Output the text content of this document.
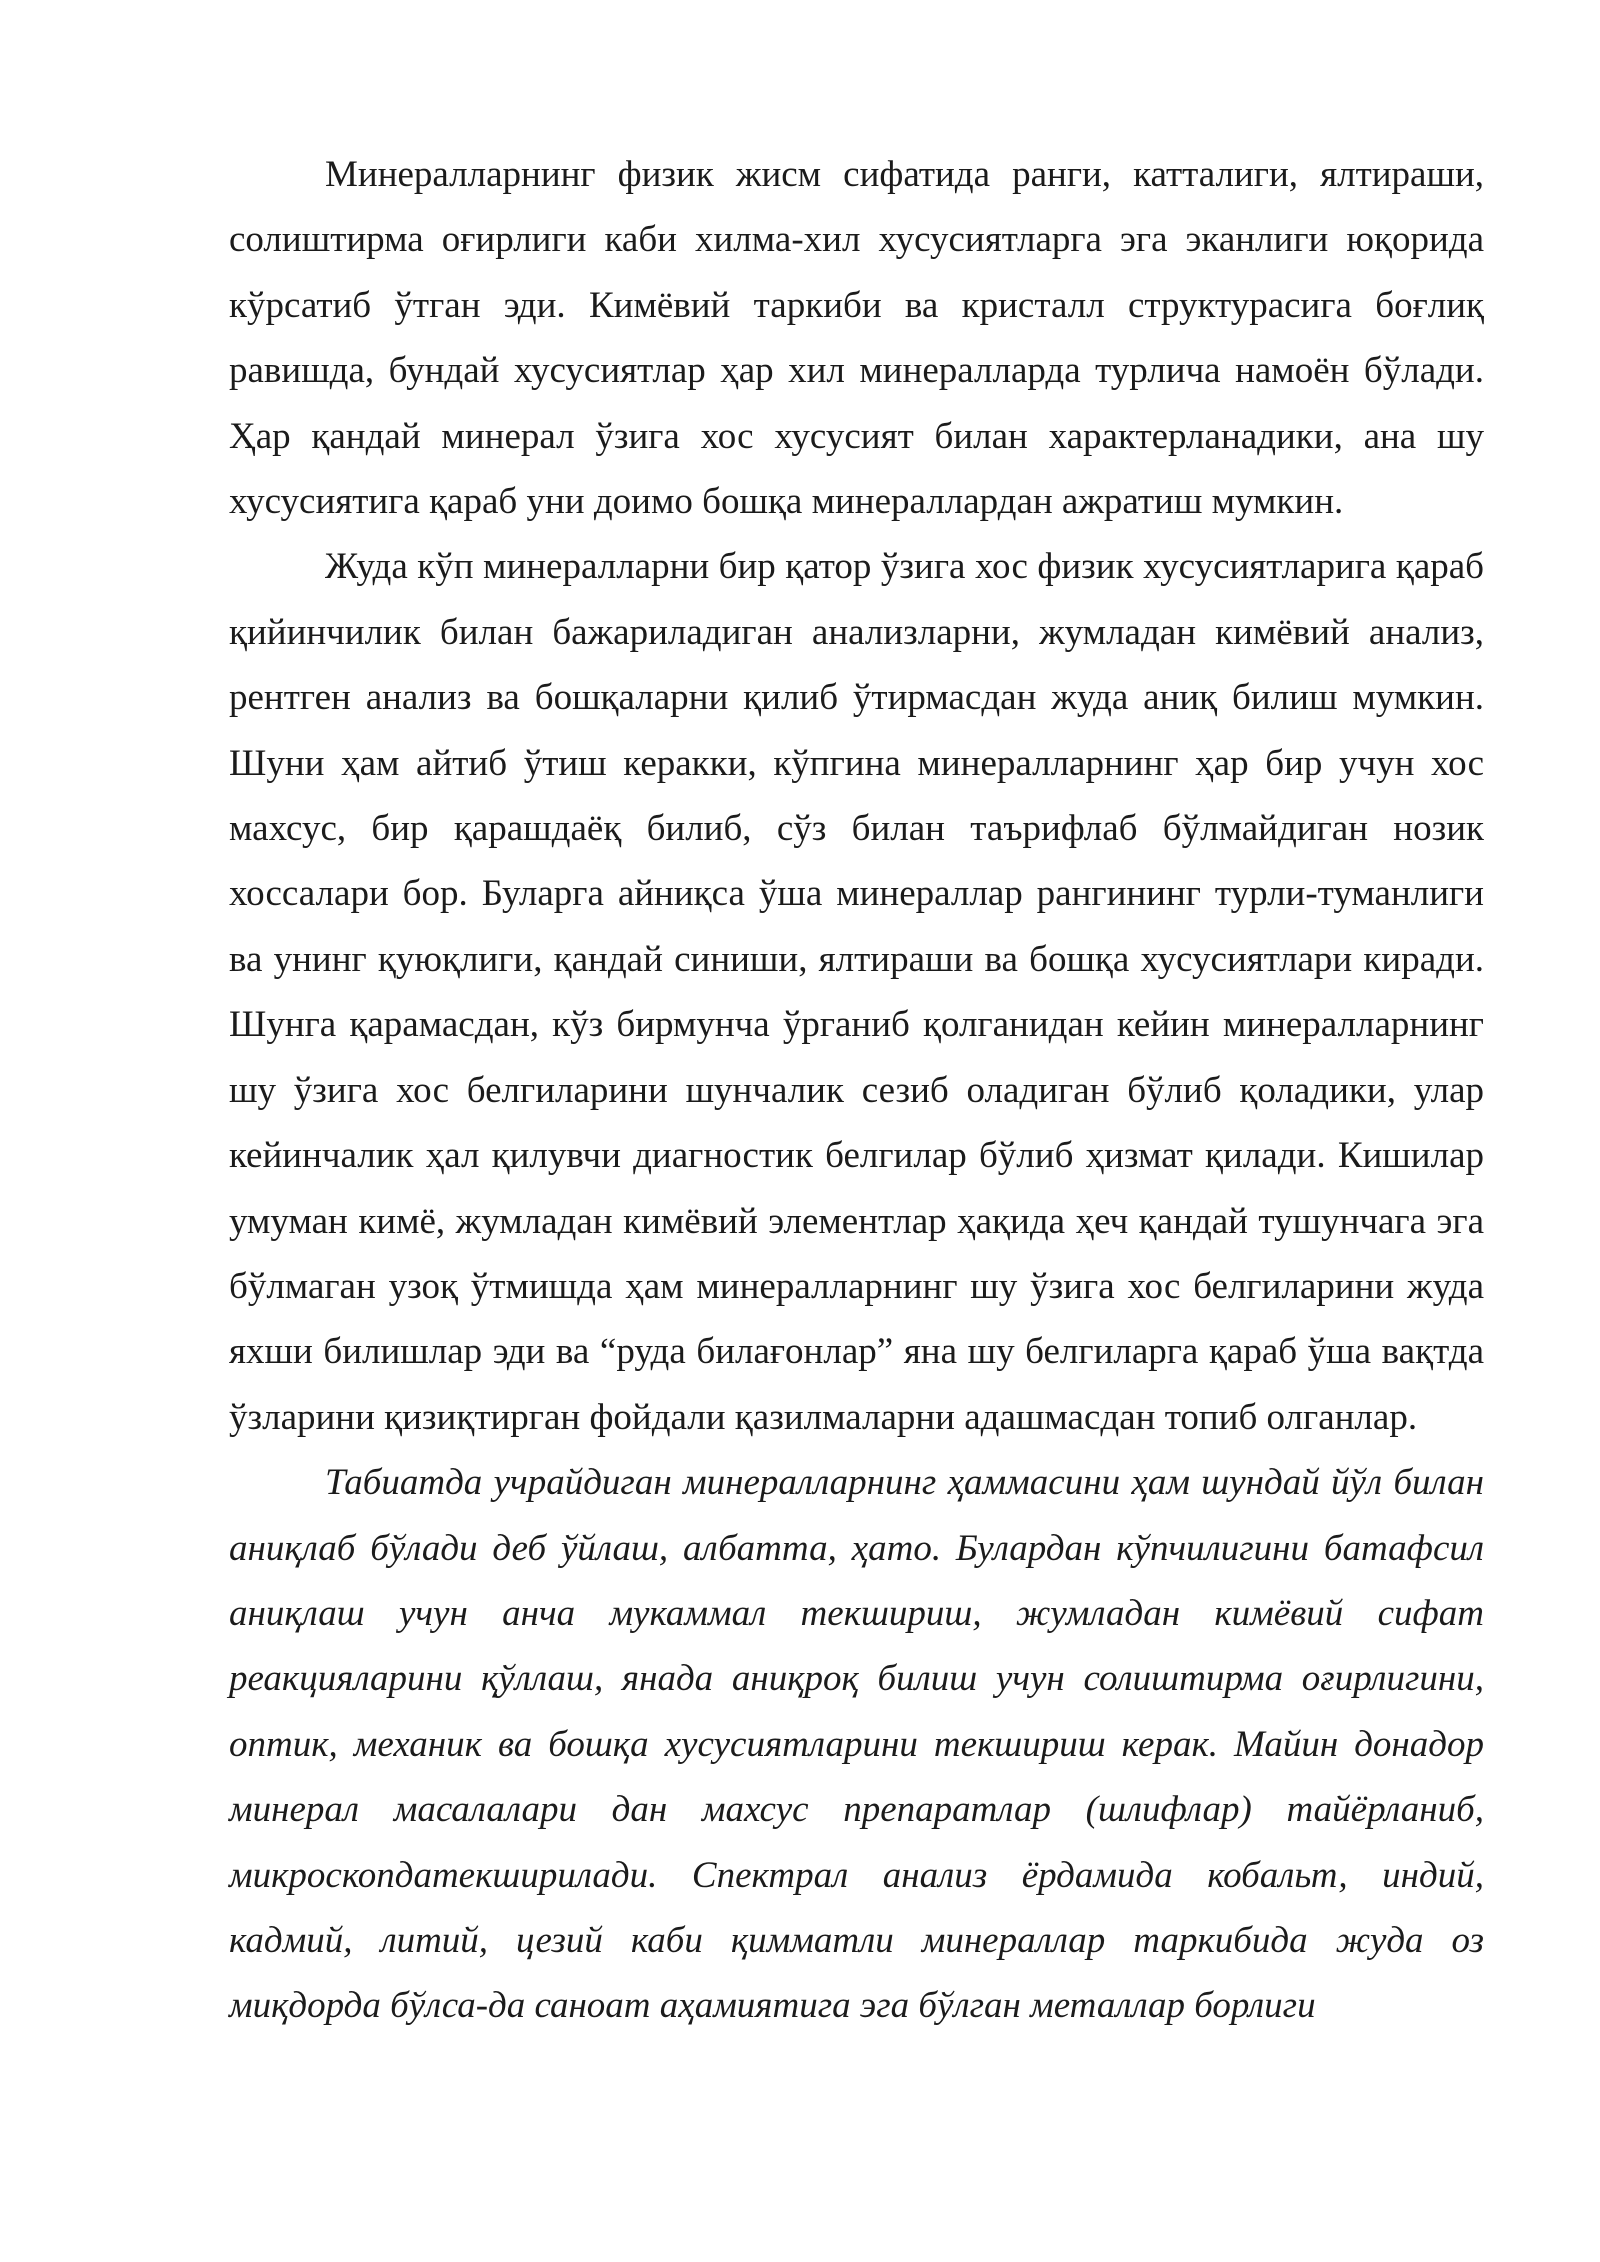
Минералларнинг физик жисм сифатида ранги, катталиги, ялтираши, солиштирма оғирлиги каби хилма-хил хусусиятларга эга эканлиги юқорида кўрсатиб ўтган эди. Кимёвий таркиби ва кристалл структурасига боғлиқ равишда, бундай хусусиятлар ҳар хил минералларда турлича намоён бўлади. Ҳар қандай минерал ўзига хос хусусият билан характерланадики, ана шу хусусиятига қараб уни доимо бошқа минераллардан ажратиш мумкин.

Жуда кўп минералларни бир қатор ўзига хос физик хусусиятларига қараб қийинчилик билан бажариладиган анализларни, жумладан кимёвий анализ, рентген анализ ва бошқаларни қилиб ўтирмасдан жуда аниқ билиш мумкин. Шуни ҳам айтиб ўтиш керакки, кўпгина минералларнинг ҳар бир учун хос махсус, бир қарашдаёқ билиб, сўз билан таърифлаб бўлмайдиган нозик хоссалари бор. Буларга айниқса ўша минераллар рангининг турли-туманлиги ва унинг қуюқлиги, қандай синиши, ялтираши ва бошқа хусусиятлари киради. Шунга қарамасдан, кўз бирмунча ўрганиб қолганидан кейин минералларнинг шу ўзига хос белгиларини шунчалик сезиб оладиган бўлиб қоладики, улар кейинчалик ҳал қилувчи диагностик белгилар бўлиб ҳизмат қилади. Кишилар умуман кимё, жумладан кимёвий элементлар ҳақида ҳеч қандай тушунчага эга бўлмаган узоқ ўтмишда ҳам минералларнинг шу ўзига хос белгиларини жуда яхши билишлар эди ва “руда билағонлар” яна шу белгиларга қараб ўша вақтда ўзларини қизиқтирган фойдали қазилмаларни адашмасдан топиб олганлар.

Табиатда учрайдиган минералларнинг ҳаммасини ҳам шундай йўл билан аниқлаб бўлади деб ўйлаш, албатта, ҳато. Булардан кўпчилигини батафсил аниқлаш учун анча мукаммал текшириш, жумладан кимёвий сифат реакцияларини қўллаш, янада аниқроқ билиш учун солиштирма оғирлигини, оптик, механик ва бошқа хусусиятларини текшириш керак. Майин донадор минерал масалалари дан махсус препаратлар (шлифлар) тайёрланиб, микроскопдатекширилади. Спектрал анализ ёрдамида кобальт, индий, кадмий, литий, цезий каби қимматли минераллар таркибида жуда оз миқдорда бўлса-да саноат аҳамиятига эга бўлган металлар борлиги
